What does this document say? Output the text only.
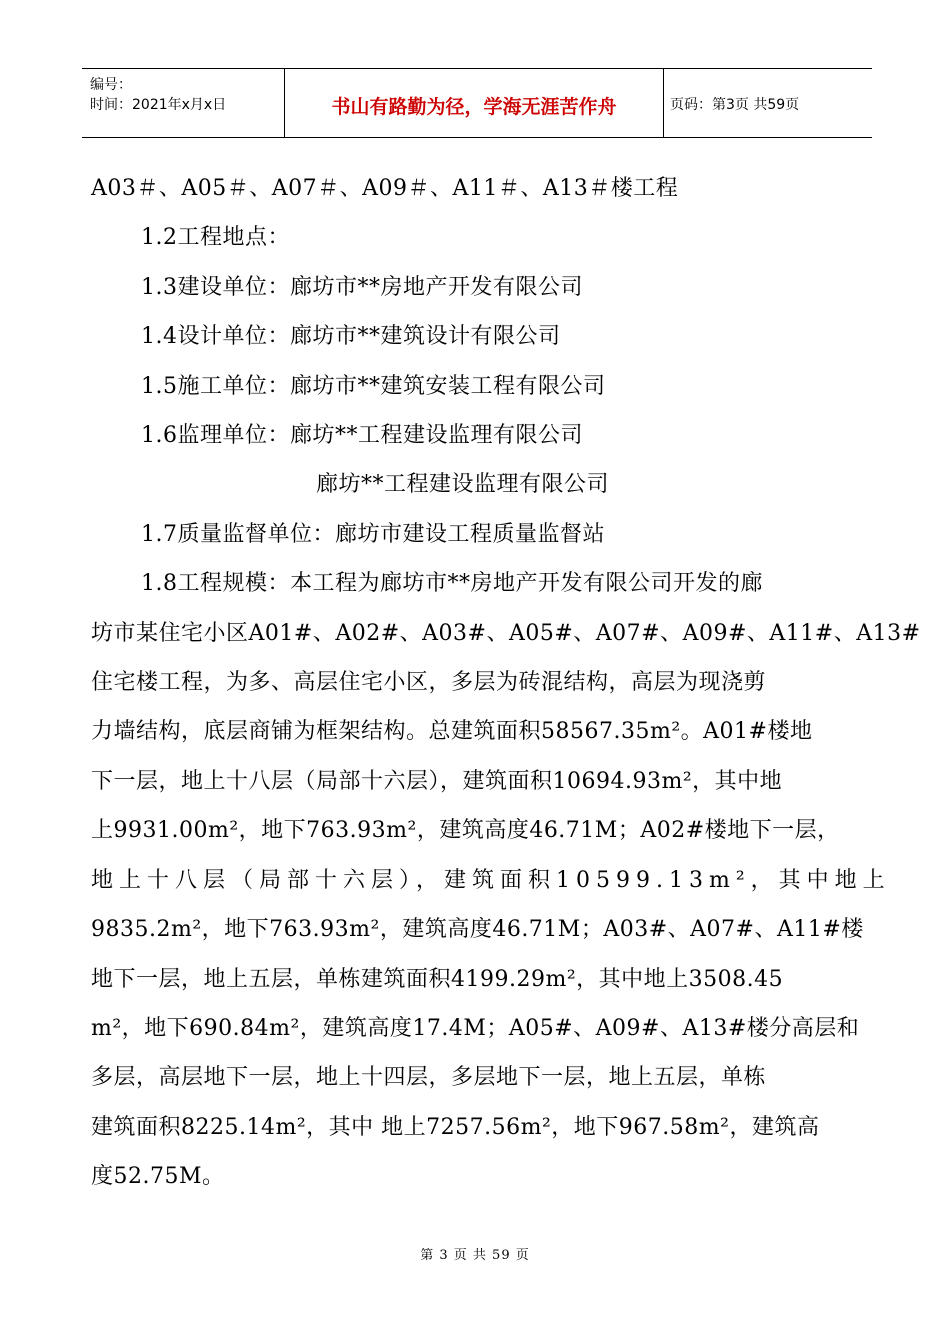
编号：
时间：2021年x月x日	书山有路勤为径，学海无涯苦作舟	页码：第3页 共59页
A03＃、A05＃、A07＃、A09＃、A11＃、A13＃楼工程
1.2工程地点：
1.3建设单位：廊坊市**房地产开发有限公司
1.4设计单位：廊坊市**建筑设计有限公司
1.5施工单位：廊坊市**建筑安装工程有限公司
1.6监理单位：廊坊**工程建设监理有限公司
廊坊**工程建设监理有限公司
1.7质量监督单位：廊坊市建设工程质量监督站
1.8工程规模：本工程为廊坊市**房地产开发有限公司开发的廊
坊市某住宅小区A01#、A02#、A03#、A05#、A07#、A09#、A11#、A13#
住宅楼工程，为多、高层住宅小区，多层为砖混结构，高层为现浇剪
力墙结构，底层商铺为框架结构。总建筑面积58567.35m²。A01#楼地
下一层，地上十八层（局部十六层），建筑面积10694.93m²，其中地
上9931.00m²，地下763.93m²，建筑高度46.71M；A02#楼地下一层，
地上十八层（局部十六层），建筑面积10599.13m²，其中地上
9835.2m²，地下763.93m²，建筑高度46.71M；A03#、A07#、A11#楼
地下一层，地上五层，单栋建筑面积4199.29m²，其中地上3508.45
m²，地下690.84m²，建筑高度17.4M；A05#、A09#、A13#楼分高层和
多层，高层地下一层，地上十四层，多层地下一层，地上五层，单栋
建筑面积8225.14m²，其中 地上7257.56m²，地下967.58m²，建筑高
度52.75M。
第 3 页 共 59 页
